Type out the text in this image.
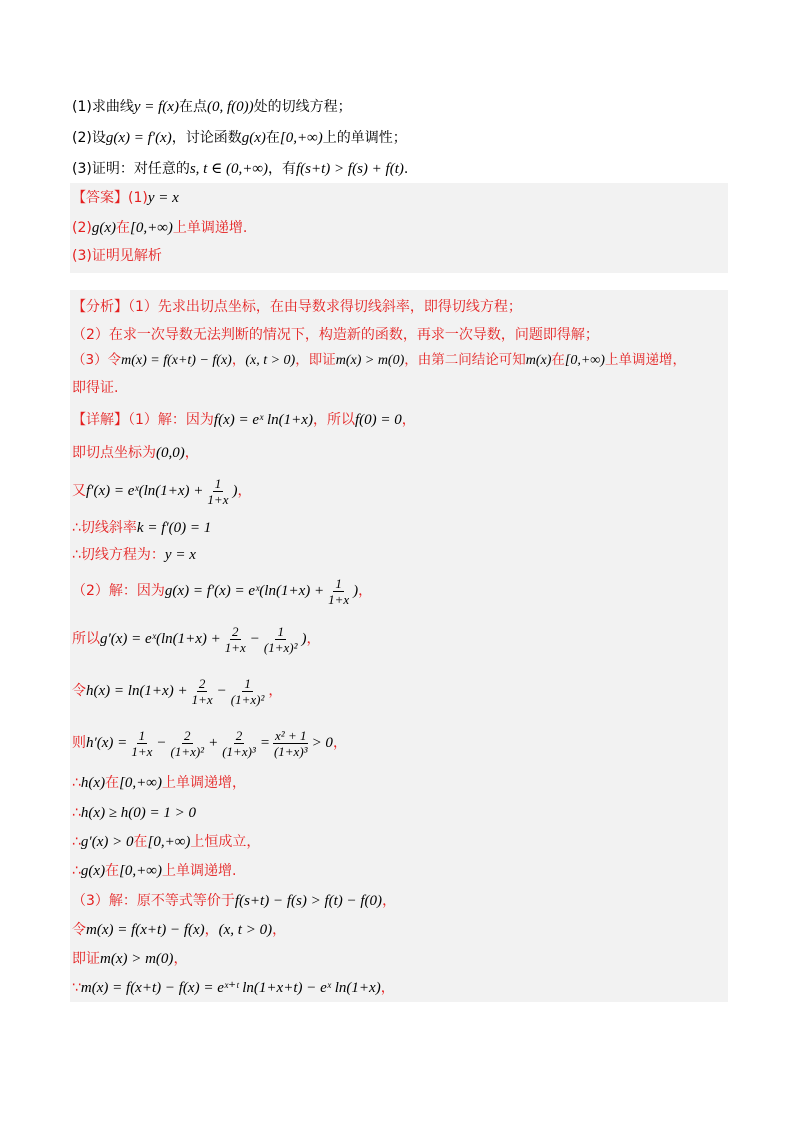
(1)求曲线y = f(x)在点(0, f(0))处的切线方程；
(2)设g(x) = f′(x)，讨论函数g(x)在[0,+∞)上的单调性；
(3)证明：对任意的s, t ∈ (0,+∞)，有f(s+t) > f(s) + f(t).
【答案】(1)y = x
(2)g(x)在[0,+∞)上单调递增.
(3)证明见解析
【分析】（1）先求出切点坐标，在由导数求得切线斜率，即得切线方程；
（2）在求一次导数无法判断的情况下，构造新的函数，再求一次导数，问题即得解；
（3）令m(x) = f(x+t) − f(x)，(x, t > 0)，即证m(x) > m(0)，由第二问结论可知m(x)在[0,+∞)上单调递增，
即得证.
【详解】（1）解：因为f(x) = eˣ ln(1+x)，所以f(0) = 0，
即切点坐标为(0,0)，
又f′(x) = eˣ(ln(1+x) + $\frac{1}{1+x}$ )，
∴切线斜率k = f′(0) = 1
∴切线方程为：y = x
（2）解：因为g(x) = f′(x) = eˣ(ln(1+x) + $\frac{1}{1+x}$ )，
所以g′(x) = eˣ(ln(1+x) + $\frac{2}{1+x} - \frac{1}{\text{(1+x)²}}$ )，
令$h(x) = \ln(1+x) + \frac{2}{1+x} - \frac{1}{\text{(1+x)²}}$ ，
则$h'(x) = \frac{1}{1+x} - \frac{2}{\text{(1+x)²}} + \frac{2}{\text{(1+x)³}} = \frac{\text{x² + 1}}{\text{(1+x)³}} > 0$，
∴h(x)在[0,+∞)上单调递增，
∴h(x) ≥ h(0) = 1 > 0
∴g′(x) > 0在[0,+∞)上恒成立，
∴g(x)在[0,+∞)上单调递增.
（3）解：原不等式等价于f(s+t) − f(s) > f(t) − f(0)，
令m(x) = f(x+t) − f(x)，(x, t > 0)，
即证m(x) > m(0)，
∵m(x) = f(x+t) − f(x) = eˣ⁺ᵗ ln(1+x+t) − eˣ ln(1+x)，
